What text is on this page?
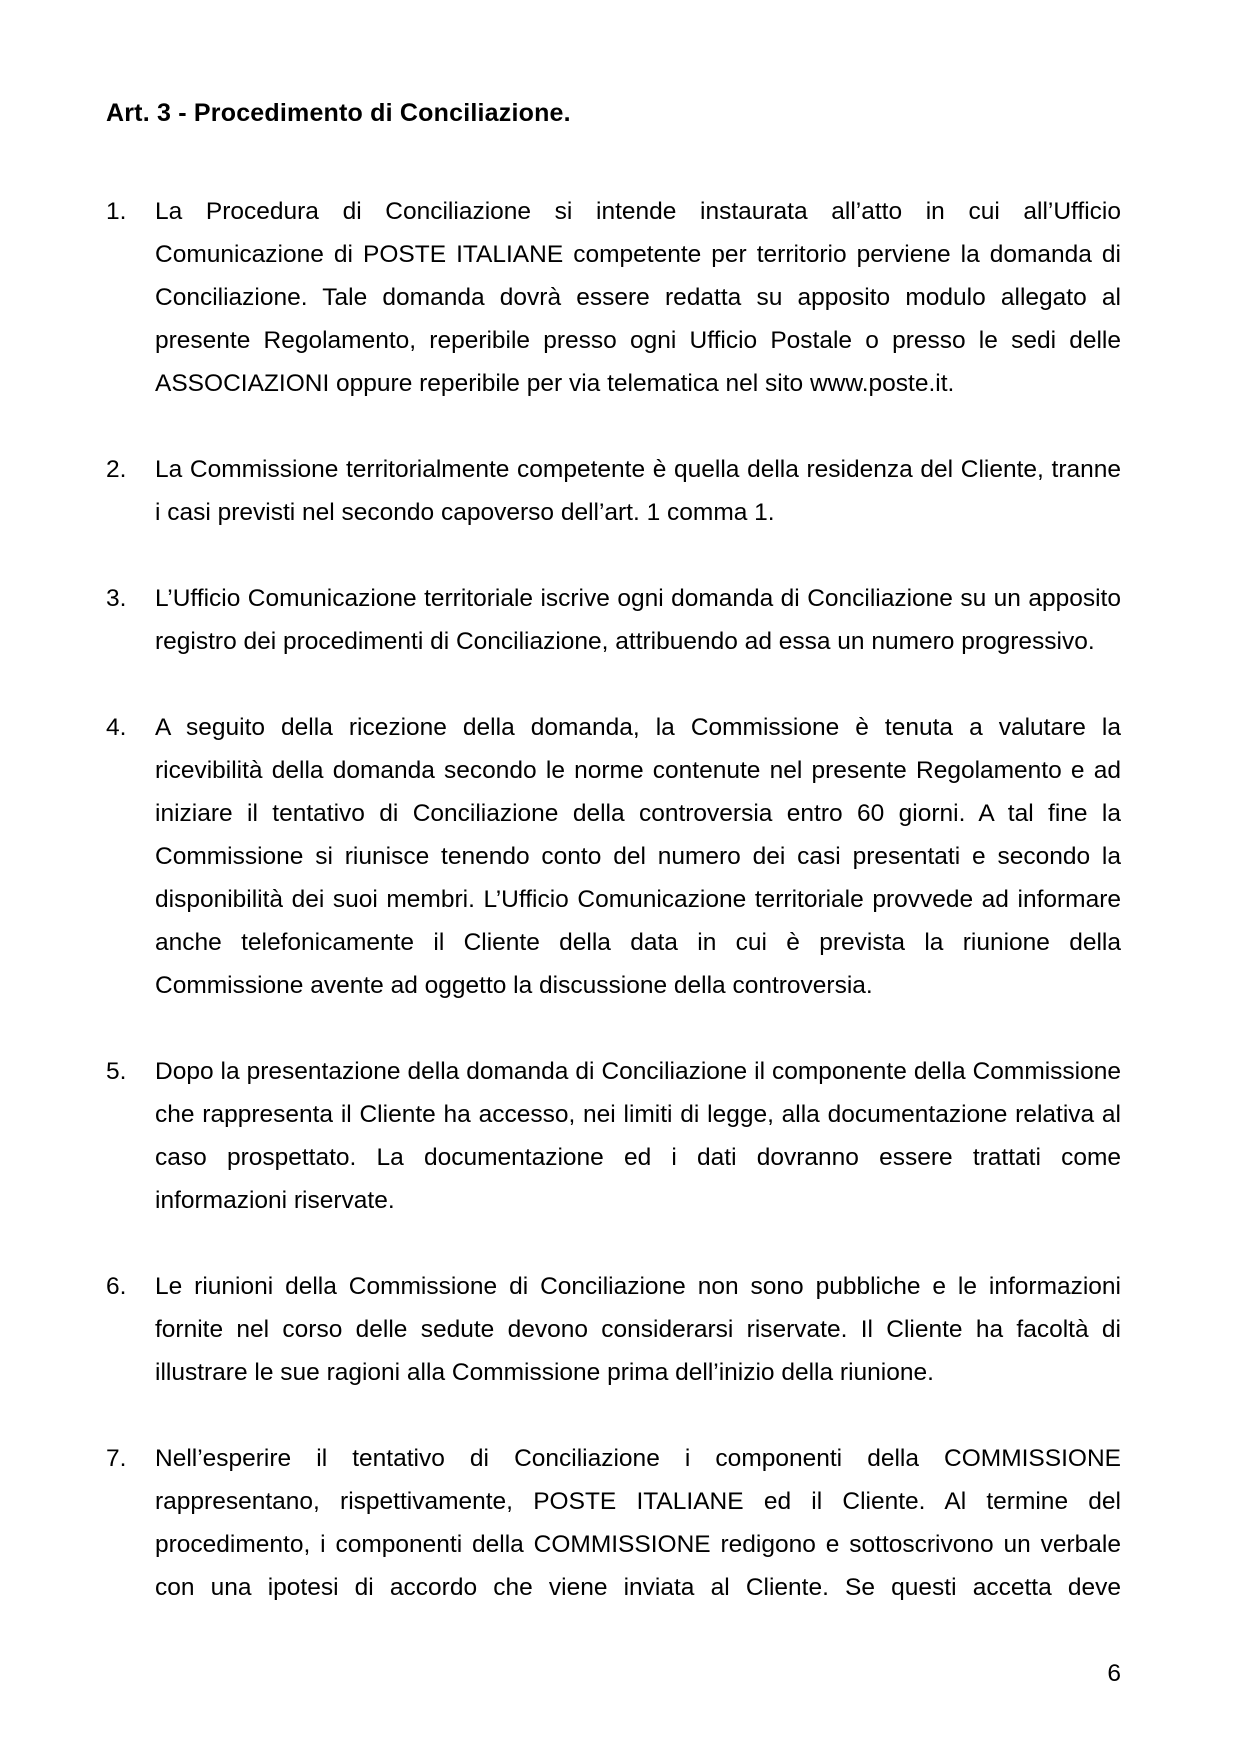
Art. 3 - Procedimento di Conciliazione.
1.	La Procedura di Conciliazione si intende instaurata all’atto in cui all’Ufficio Comunicazione di POSTE ITALIANE competente per territorio perviene la domanda di Conciliazione. Tale domanda dovrà essere redatta su apposito modulo allegato al presente Regolamento, reperibile presso ogni Ufficio Postale o presso le sedi delle ASSOCIAZIONI oppure reperibile per via telematica nel sito www.poste.it.
2.	La Commissione territorialmente competente è quella della residenza del Cliente, tranne i casi previsti nel secondo capoverso dell’art. 1 comma 1.
3.	L’Ufficio Comunicazione territoriale iscrive ogni domanda di Conciliazione su un apposito registro dei procedimenti di Conciliazione, attribuendo ad essa un numero progressivo.
4.	A seguito della ricezione della domanda, la Commissione è tenuta a valutare la ricevibilità della domanda secondo le norme contenute nel presente Regolamento e ad iniziare il tentativo di Conciliazione della controversia entro 60 giorni. A tal fine la Commissione si riunisce tenendo conto del numero dei casi presentati e secondo la disponibilità dei suoi membri. L’Ufficio Comunicazione territoriale provvede ad informare anche telefonicamente il Cliente della data in cui è prevista la riunione della Commissione avente ad oggetto la discussione della controversia.
5.	Dopo la presentazione della domanda di Conciliazione il componente della Commissione che rappresenta il Cliente ha accesso, nei limiti di legge, alla documentazione relativa al caso prospettato. La documentazione ed i dati dovranno essere trattati come informazioni riservate.
6.	Le riunioni della Commissione di Conciliazione non sono pubbliche e le informazioni fornite nel corso delle sedute devono considerarsi riservate. Il Cliente ha facoltà di illustrare le sue ragioni alla Commissione prima dell’inizio della riunione.
7.	Nell’esperire il tentativo di Conciliazione i componenti della COMMISSIONE rappresentano, rispettivamente, POSTE ITALIANE ed il Cliente. Al termine del procedimento, i componenti della COMMISSIONE redigono e sottoscrivono un verbale con una ipotesi di accordo che viene inviata al Cliente. Se questi accetta deve
6
